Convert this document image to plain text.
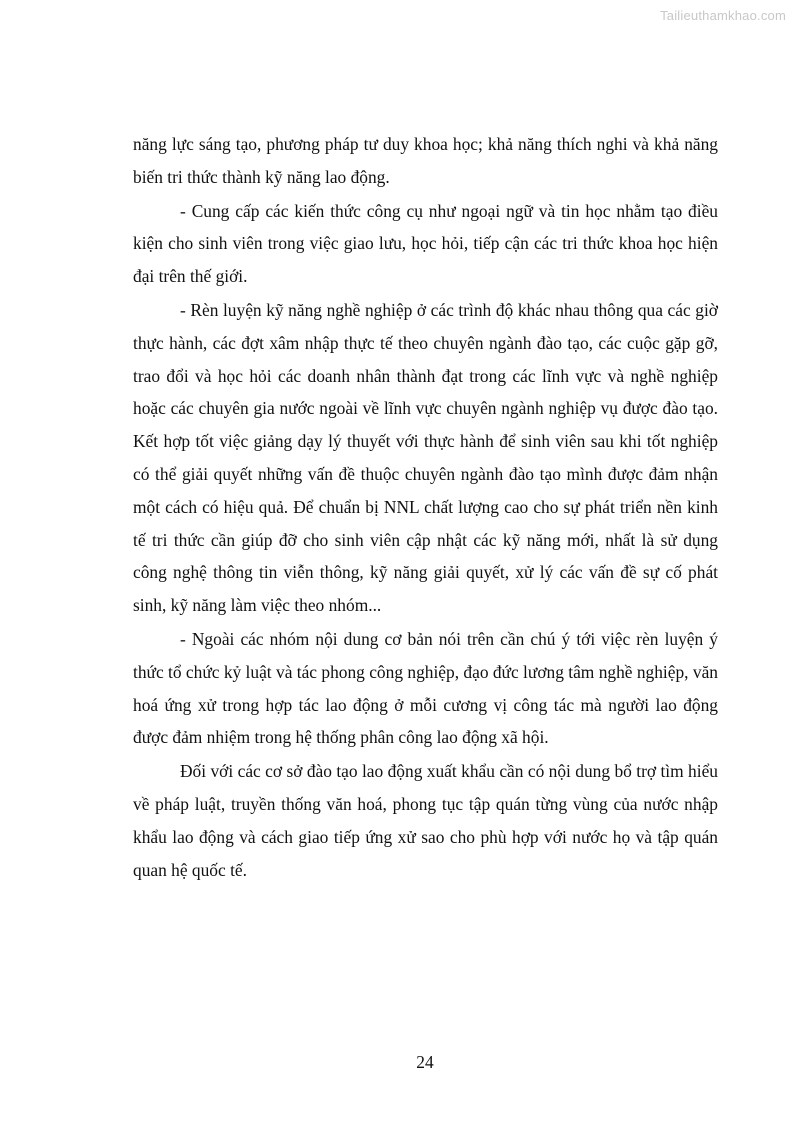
Tailieuthamkhao.com

năng lực sáng tạo, phương pháp tư duy khoa học; khả năng thích nghi và khả năng biến tri thức thành kỹ năng lao động.

- Cung cấp các kiến thức công cụ như ngoại ngữ và tin học nhằm tạo điều kiện cho sinh viên trong việc giao lưu, học hỏi, tiếp cận các tri thức khoa học hiện đại trên thế giới.

- Rèn luyện kỹ năng nghề nghiệp ở các trình độ khác nhau thông qua các giờ thực hành, các đợt xâm nhập thực tế theo chuyên ngành đào tạo, các cuộc gặp gỡ, trao đổi và học hỏi các doanh nhân thành đạt trong các lĩnh vực và nghề nghiệp hoặc các chuyên gia nước ngoài về lĩnh vực chuyên ngành nghiệp vụ được đào tạo. Kết hợp tốt việc giảng dạy lý thuyết với thực hành để sinh viên sau khi tốt nghiệp có thể giải quyết những vấn đề thuộc chuyên ngành đào tạo mình được đảm nhận một cách có hiệu quả. Để chuẩn bị NNL chất lượng cao cho sự phát triển nền kinh tế tri thức cần giúp đỡ cho sinh viên cập nhật các kỹ năng mới, nhất là sử dụng công nghệ thông tin viễn thông, kỹ năng giải quyết, xử lý các vấn đề sự cố phát sinh, kỹ năng làm việc theo nhóm...

- Ngoài các nhóm nội dung cơ bản nói trên cần chú ý tới việc rèn luyện ý thức tổ chức kỷ luật và tác phong công nghiệp, đạo đức lương tâm nghề nghiệp, văn hoá ứng xử trong hợp tác lao động ở mỗi cương vị công tác mà người lao động được đảm nhiệm trong hệ thống phân công lao động xã hội.

Đối với các cơ sở đào tạo lao động xuất khẩu cần có nội dung bổ trợ tìm hiểu về pháp luật, truyền thống văn hoá, phong tục tập quán từng vùng của nước nhập khẩu lao động và cách giao tiếp ứng xử sao cho phù hợp với nước họ và tập quán quan hệ quốc tế.

24
